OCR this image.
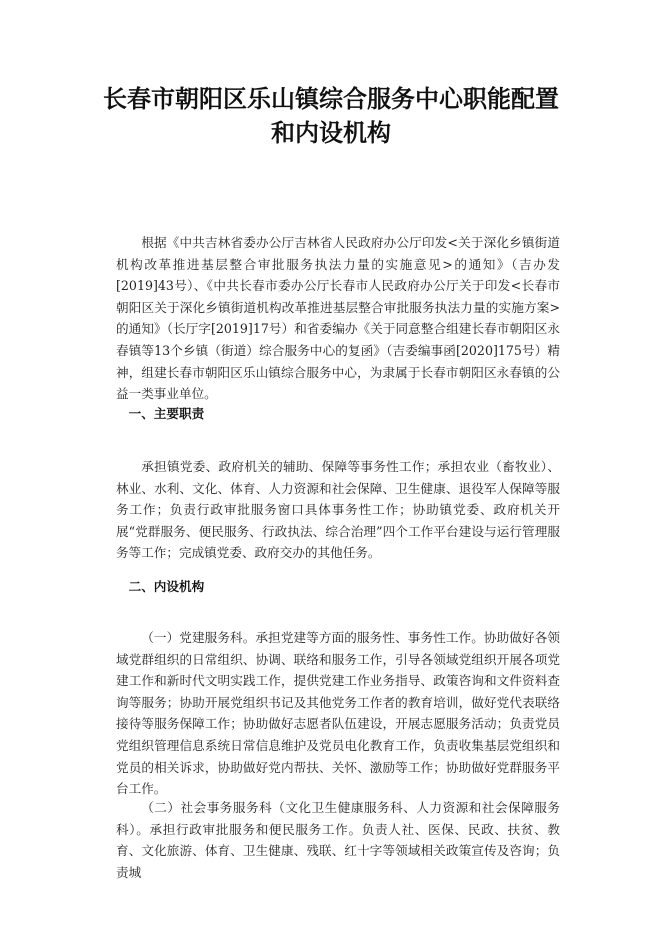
长春市朝阳区乐山镇综合服务中心职能配置和内设机构

根据《中共吉林省委办公厅吉林省人民政府办公厅印发<关于深化乡镇街道机构改革推进基层整合审批服务执法力量的实施意见>的通知》（吉办发[2019]43号）、《中共长春市委办公厅长春市人民政府办公厅关于印发<长春市朝阳区关于深化乡镇街道机构改革推进基层整合审批服务执法力量的实施方案>的通知》（长厅字[2019]17号）和省委编办《关于同意整合组建长春市朝阳区永春镇等13个乡镇（街道）综合服务中心的复函》（吉委编事函[2020]175号）精神，组建长春市朝阳区乐山镇综合服务中心，为隶属于长春市朝阳区永春镇的公益一类事业单位。

一、主要职责

承担镇党委、政府机关的辅助、保障等事务性工作；承担农业（畜牧业）、林业、水利、文化、体育、人力资源和社会保障、卫生健康、退役军人保障等服务工作；负责行政审批服务窗口具体事务性工作；协助镇党委、政府机关开展“党群服务、便民服务、行政执法、综合治理”四个工作平台建设与运行管理服务等工作；完成镇党委、政府交办的其他任务。

二、内设机构

（一）党建服务科。承担党建等方面的服务性、事务性工作。协助做好各领域党群组织的日常组织、协调、联络和服务工作，引导各领域党组织开展各项党建工作和新时代文明实践工作，提供党建工作业务指导、政策咨询和文件资料查询等服务；协助开展党组织书记及其他党务工作者的教育培训，做好党代表联络接待等服务保障工作；协助做好志愿者队伍建设，开展志愿服务活动；负责党员党组织管理信息系统日常信息维护及党员电化教育工作，负责收集基层党组织和党员的相关诉求，协助做好党内帮扶、关怀、激励等工作；协助做好党群服务平台工作。

（二）社会事务服务科（文化卫生健康服务科、人力资源和社会保障服务科）。承担行政审批服务和便民服务工作。负责人社、医保、民政、扶贫、教育、文化旅游、体育、卫生健康、残联、红十字等领域相关政策宣传及咨询；负责城
